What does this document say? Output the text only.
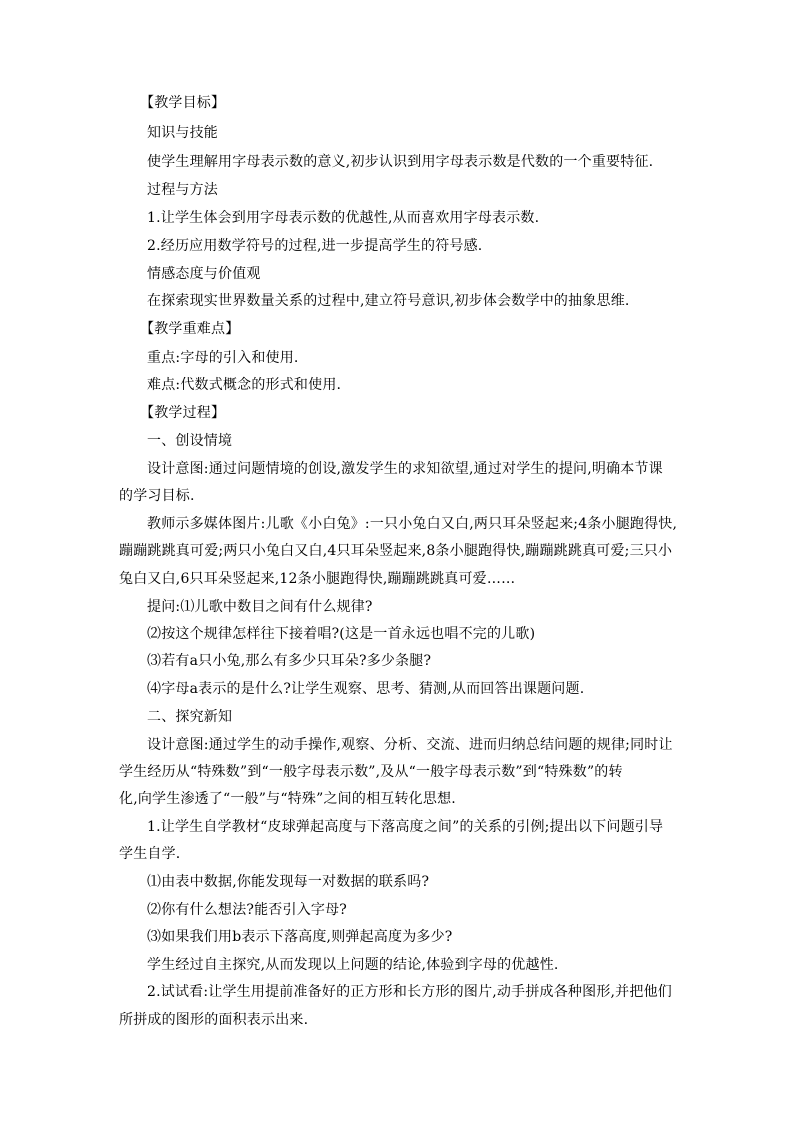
【教学目标】
知识与技能
使学生理解用字母表示数的意义,初步认识到用字母表示数是代数的一个重要特征.
过程与方法
1.让学生体会到用字母表示数的优越性,从而喜欢用字母表示数.
2.经历应用数学符号的过程,进一步提高学生的符号感.
情感态度与价值观
在探索现实世界数量关系的过程中,建立符号意识,初步体会数学中的抽象思维.
【教学重难点】
重点:字母的引入和使用.
难点:代数式概念的形式和使用.
【教学过程】
一、创设情境
设计意图:通过问题情境的创设,激发学生的求知欲望,通过对学生的提问,明确本节课
的学习目标.
教师示多媒体图片:儿歌《小白兔》:一只小兔白又白,两只耳朵竖起来;4条小腿跑得快,
蹦蹦跳跳真可爱;两只小兔白又白,4只耳朵竖起来,8条小腿跑得快,蹦蹦跳跳真可爱;三只小
兔白又白,6只耳朵竖起来,12条小腿跑得快,蹦蹦跳跳真可爱……
提问:⑴儿歌中数目之间有什么规律?
⑵按这个规律怎样往下接着唱?(这是一首永远也唱不完的儿歌)
⑶若有a只小兔,那么有多少只耳朵?多少条腿?
⑷字母a表示的是什么?让学生观察、思考、猜测,从而回答出课题问题.
二、探究新知
设计意图:通过学生的动手操作,观察、分析、交流、进而归纳总结问题的规律;同时让
学生经历从“特殊数”到“一般字母表示数”,及从“一般字母表示数”到“特殊数”的转
化,向学生渗透了“一般”与“特殊”之间的相互转化思想.
1.让学生自学教材“皮球弹起高度与下落高度之间”的关系的引例;提出以下问题引导
学生自学.
⑴由表中数据,你能发现每一对数据的联系吗?
⑵你有什么想法?能否引入字母?
⑶如果我们用b表示下落高度,则弹起高度为多少?
学生经过自主探究,从而发现以上问题的结论,体验到字母的优越性.
2.试试看:让学生用提前准备好的正方形和长方形的图片,动手拼成各种图形,并把他们
所拼成的图形的面积表示出来.
